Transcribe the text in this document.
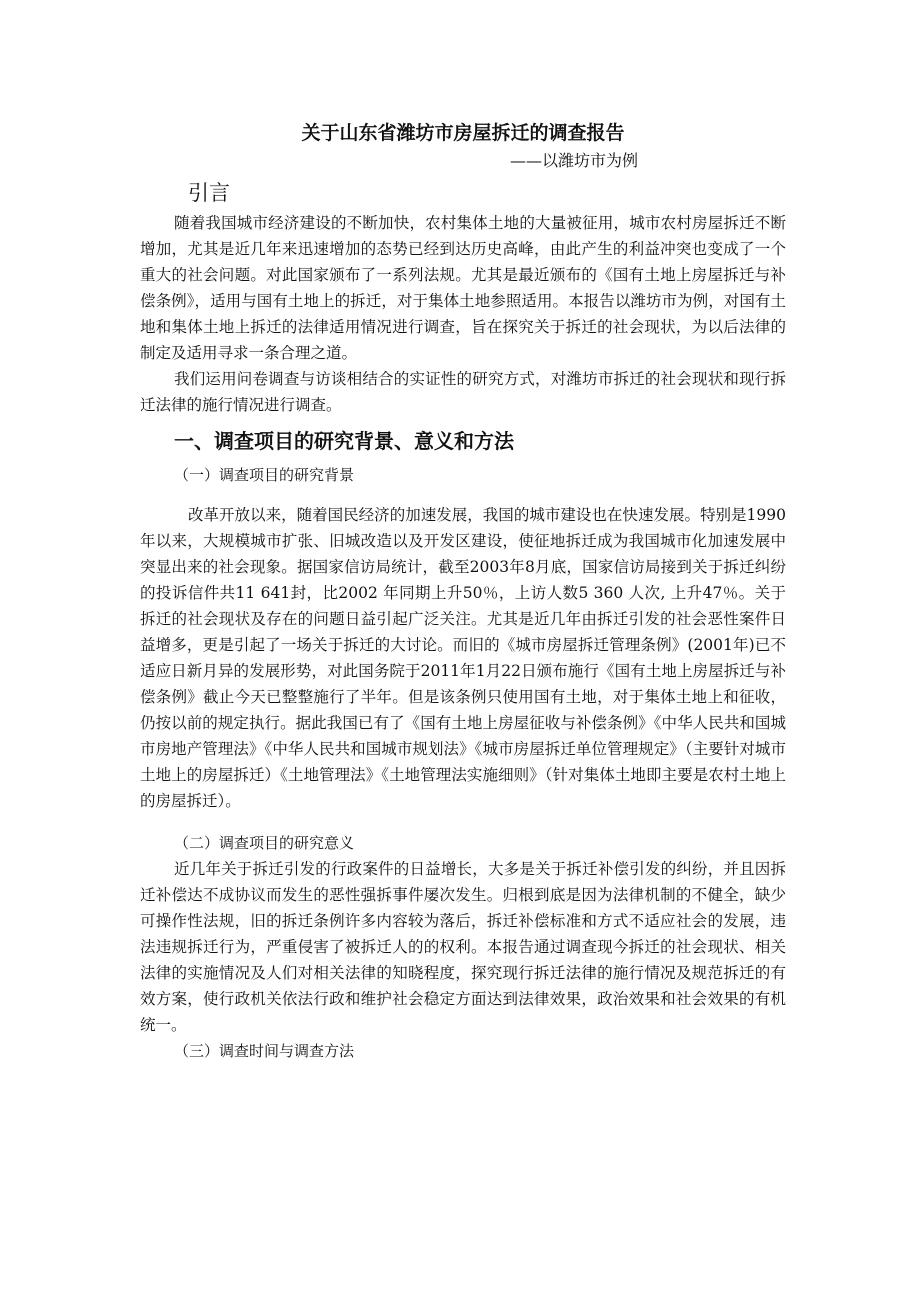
关于山东省潍坊市房屋拆迁的调查报告
——以潍坊市为例
引言

随着我国城市经济建设的不断加快，农村集体土地的大量被征用，城市农村房屋拆迁不断增加，尤其是近几年来迅速增加的态势已经到达历史高峰，由此产生的利益冲突也变成了一个重大的社会问题。对此国家颁布了一系列法规。尤其是最近颁布的《国有土地上房屋拆迁与补偿条例》，适用与国有土地上的拆迁，对于集体土地参照适用。本报告以潍坊市为例，对国有土地和集体土地上拆迁的法律适用情况进行调查，旨在探究关于拆迁的社会现状，为以后法律的制定及适用寻求一条合理之道。

我们运用问卷调查与访谈相结合的实证性的研究方式，对潍坊市拆迁的社会现状和现行拆迁法律的施行情况进行调查。

一、调查项目的研究背景、意义和方法
（一）调查项目的研究背景

改革开放以来，随着国民经济的加速发展，我国的城市建设也在快速发展。特别是1990年以来，大规模城市扩张、旧城改造以及开发区建设，使征地拆迁成为我国城市化加速发展中突显出来的社会现象。据国家信访局统计，截至2003年8月底，国家信访局接到关于拆迁纠纷的投诉信件共11 641封，比2002 年同期上升50％，上访人数5 360 人次, 上升47％。关于拆迁的社会现状及存在的问题日益引起广泛关注。尤其是近几年由拆迁引发的社会恶性案件日益增多，更是引起了一场关于拆迁的大讨论。而旧的《城市房屋拆迁管理条例》(2001年)已不适应日新月异的发展形势，对此国务院于2011年1月22日颁布施行《国有土地上房屋拆迁与补偿条例》截止今天已整整施行了半年。但是该条例只使用国有土地，对于集体土地上和征收，仍按以前的规定执行。据此我国已有了《国有土地上房屋征收与补偿条例》《中华人民共和国城市房地产管理法》《中华人民共和国城市规划法》《城市房屋拆迁单位管理规定》（主要针对城市土地上的房屋拆迁）《土地管理法》《土地管理法实施细则》（针对集体土地即主要是农村土地上的房屋拆迁）。

（二）调查项目的研究意义

近几年关于拆迁引发的行政案件的日益增长，大多是关于拆迁补偿引发的纠纷，并且因拆迁补偿达不成协议而发生的恶性强拆事件屡次发生。归根到底是因为法律机制的不健全，缺少可操作性法规，旧的拆迁条例许多内容较为落后，拆迁补偿标准和方式不适应社会的发展，违法违规拆迁行为，严重侵害了被拆迁人的的权利。本报告通过调查现今拆迁的社会现状、相关法律的实施情况及人们对相关法律的知晓程度，探究现行拆迁法律的施行情况及规范拆迁的有效方案，使行政机关依法行政和维护社会稳定方面达到法律效果，政治效果和社会效果的有机统一。

（三）调查时间与调查方法
